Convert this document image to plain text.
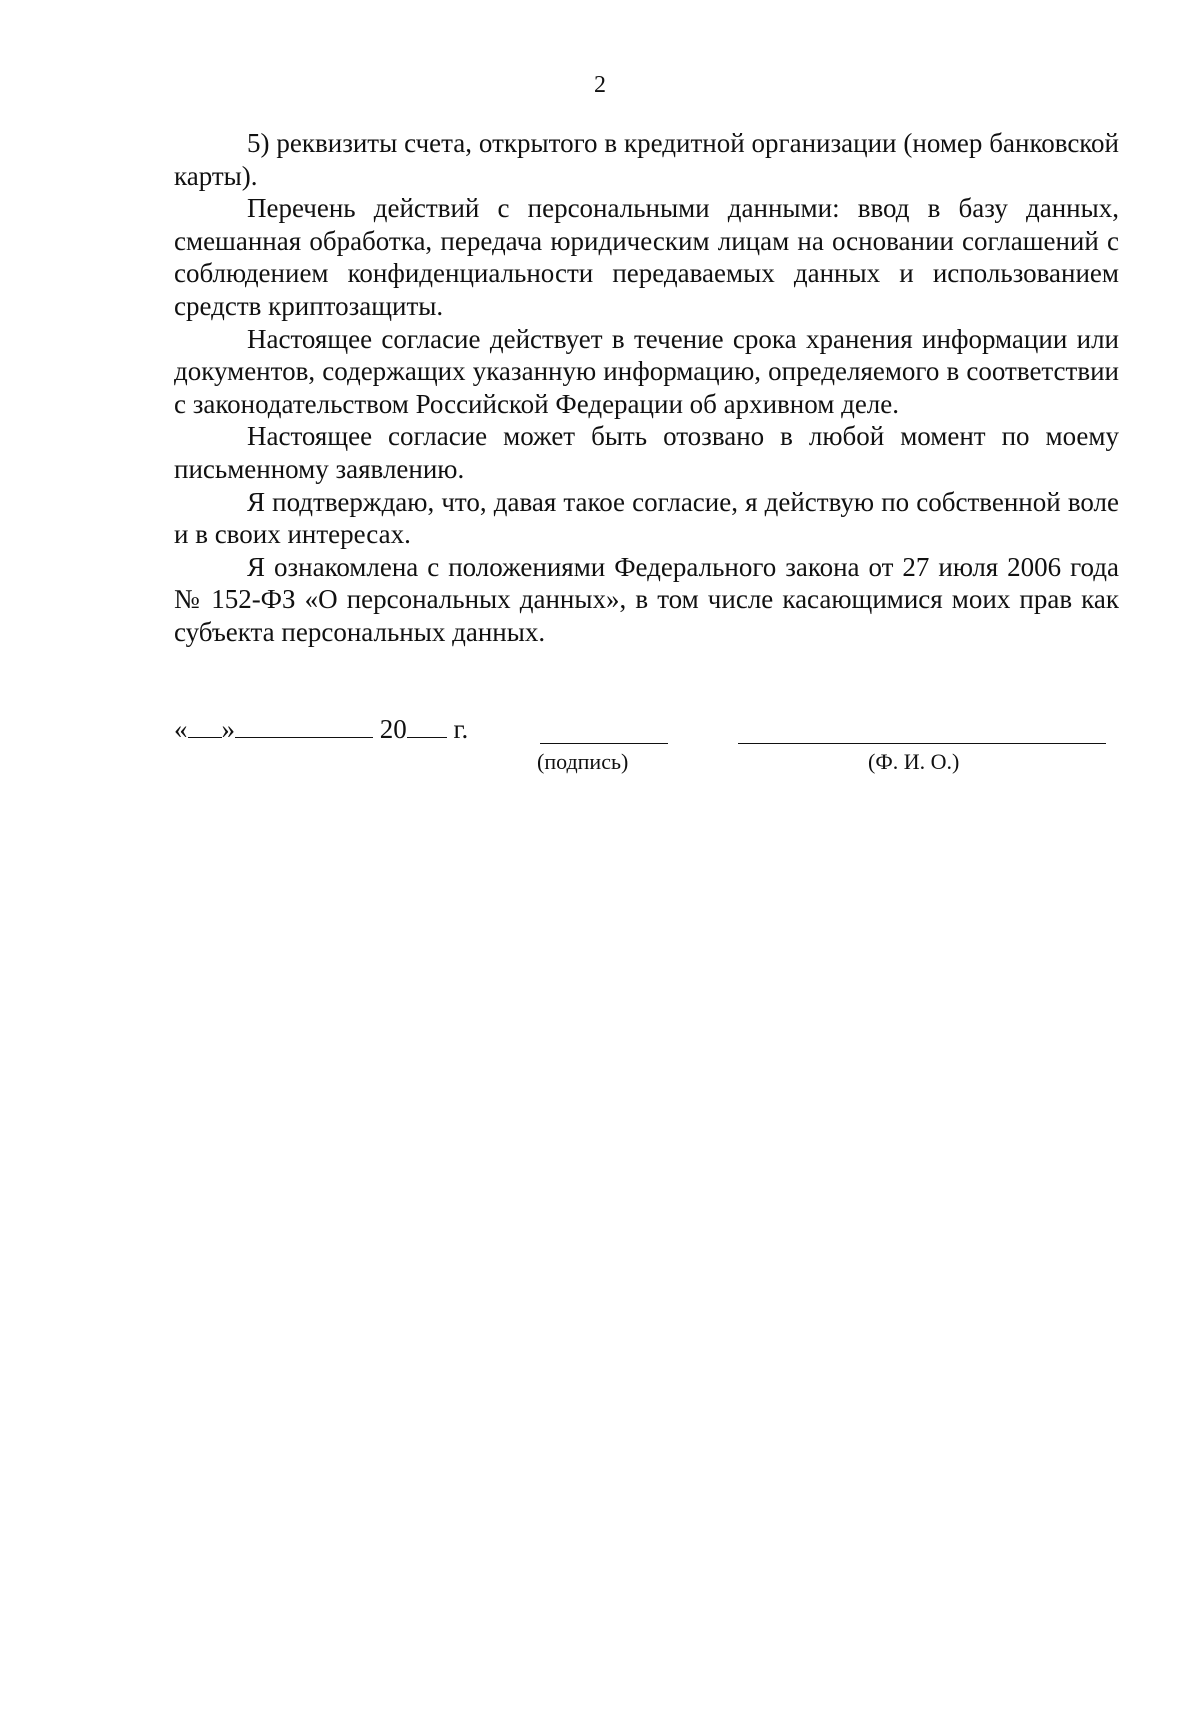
2

5) реквизиты счета, открытого в кредитной организации (номер банковской карты).

Перечень действий с персональными данными: ввод в базу данных, смешанная обработка, передача юридическим лицам на основании соглашений с соблюдением конфиденциальности передаваемых данных и использованием средств криптозащиты.

Настоящее согласие действует в течение срока хранения информации или документов, содержащих указанную информацию, определяемого в соответствии с законодательством Российской Федерации об архивном деле.

Настоящее согласие может быть отозвано в любой момент по моему письменному заявлению.

Я подтверждаю, что, давая такое согласие, я действую по собственной воле и в своих интересах.

Я ознакомлена с положениями Федерального закона от 27 июля 2006 года № 152-ФЗ «О персональных данных», в том числе касающимися моих прав как субъекта персональных данных.

« »	20 г.
(подпись)	(Ф. И. О.)
